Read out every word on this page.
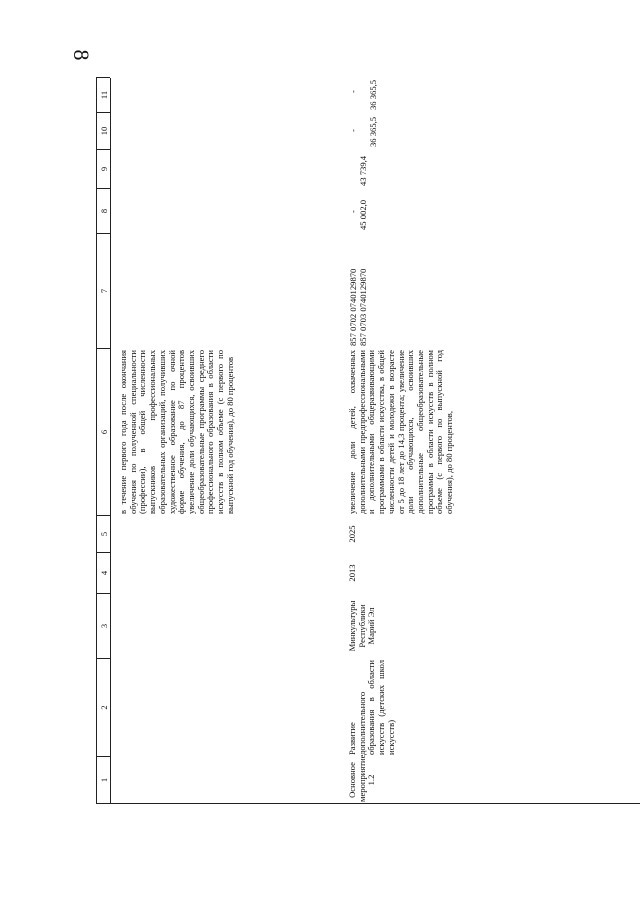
8
1
2
3
4
5
6
7
8
9
10
11
в течение первого года после окончания обучения по полученной специальности (профессии), в общей численности выпускников профессиональных образовательных организаций, получивших художественное образование по очной форме обучения, до 87 процентов увеличение доли обучающихся, освоивших общеобразовательные программы среднего профессионального образования в области искусств в полном объеме (с первого по выпускной год обучения), до 80 процентов
Основное мероприятие 1.2
Развитие дополнительного образования в области искусств (детских школ искусств)
Минкультуры Республики Марий Эл
2013
2025
увеличение доли детей, охваченных дополнительными предпрофессиональными и дополнительными общеразвивающими программами в области искусства, в общей численности детей и молодежи в возрасте от 5 до 18 лет до 14,3 процента; увеличение доли обучающихся, освоивших дополнительные общеобразовательные программы в области искусств в полном объеме (с первого по выпускной год обучения), до 80 процентов,
857 0702 0740129870 857 0703 0740129870
- 45 002,0
43 739,4
- 36 365,5
- 36 365,5
